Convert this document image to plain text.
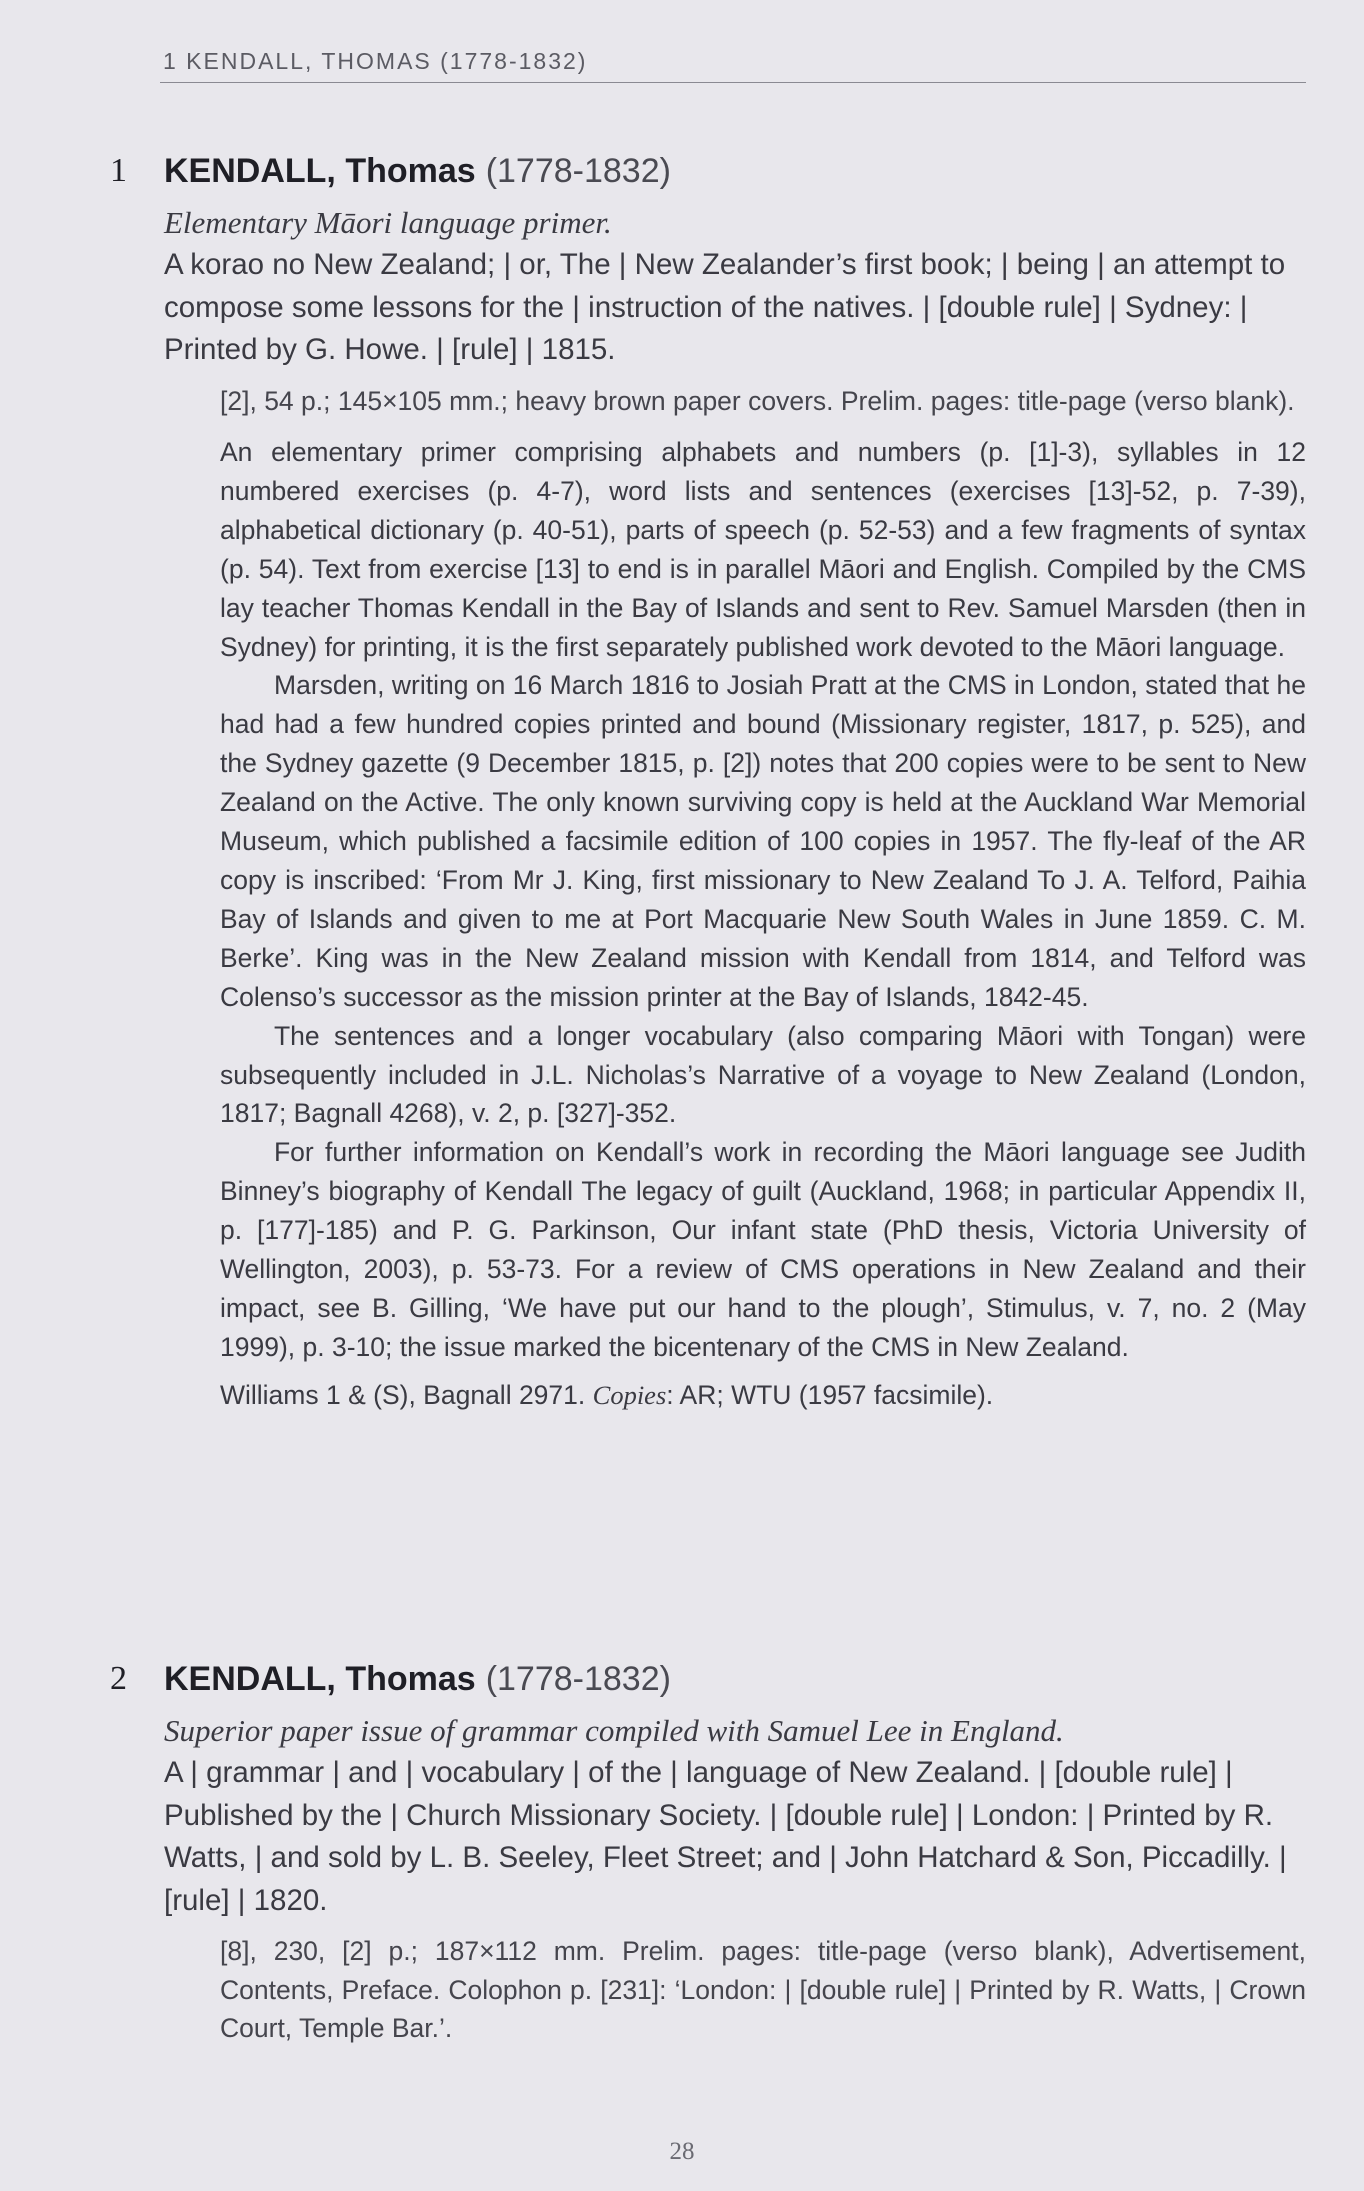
1 KENDALL, THOMAS (1778-1832)
1 KENDALL, Thomas (1778-1832)
Elementary Māori language primer.
A korao no New Zealand; | or, The | New Zealander’s first book; | being | an attempt to compose some lessons for the | instruction of the natives. | [double rule] | Sydney: | Printed by G. Howe. | [rule] | 1815.
[2], 54 p.; 145×105 mm.; heavy brown paper covers. Prelim. pages: title-page (verso blank).
An elementary primer comprising alphabets and numbers (p. [1]-3), syllables in 12 numbered exercises (p. 4-7), word lists and sentences (exercises [13]-52, p. 7-39), alphabetical dictionary (p. 40-51), parts of speech (p. 52-53) and a few fragments of syntax (p. 54). Text from exercise [13] to end is in parallel Māori and English. Compiled by the CMS lay teacher Thomas Kendall in the Bay of Islands and sent to Rev. Samuel Marsden (then in Sydney) for printing, it is the first separately published work devoted to the Māori language.
Marsden, writing on 16 March 1816 to Josiah Pratt at the CMS in London, stated that he had had a few hundred copies printed and bound (Missionary register, 1817, p. 525), and the Sydney gazette (9 December 1815, p. [2]) notes that 200 copies were to be sent to New Zealand on the Active. The only known surviving copy is held at the Auckland War Memorial Museum, which published a facsimile edition of 100 copies in 1957. The fly-leaf of the AR copy is inscribed: ‘From Mr J. King, first missionary to New Zealand To J. A. Telford, Paihia Bay of Islands and given to me at Port Macquarie New South Wales in June 1859. C. M. Berke’. King was in the New Zealand mission with Kendall from 1814, and Telford was Colenso’s successor as the mission printer at the Bay of Islands, 1842-45.
The sentences and a longer vocabulary (also comparing Māori with Tongan) were subsequently included in J.L. Nicholas’s Narrative of a voyage to New Zealand (London, 1817; Bagnall 4268), v. 2, p. [327]-352.
For further information on Kendall’s work in recording the Māori language see Judith Binney’s biography of Kendall The legacy of guilt (Auckland, 1968; in particular Appendix II, p. [177]-185) and P. G. Parkinson, Our infant state (PhD thesis, Victoria University of Wellington, 2003), p. 53-73. For a review of CMS operations in New Zealand and their impact, see B. Gilling, ‘We have put our hand to the plough’, Stimulus, v. 7, no. 2 (May 1999), p. 3-10; the issue marked the bicentenary of the CMS in New Zealand.
Williams 1 & (S), Bagnall 2971. Copies: AR; WTU (1957 facsimile).
2 KENDALL, Thomas (1778-1832)
Superior paper issue of grammar compiled with Samuel Lee in England.
A | grammar | and | vocabulary | of the | language of New Zealand. | [double rule] | Published by the | Church Missionary Society. | [double rule] | London: | Printed by R. Watts, | and sold by L. B. Seeley, Fleet Street; and | John Hatchard & Son, Piccadilly. | [rule] | 1820.
[8], 230, [2] p.; 187×112 mm. Prelim. pages: title-page (verso blank), Advertisement, Contents, Preface. Colophon p. [231]: ‘London: | [double rule] | Printed by R. Watts, | Crown Court, Temple Bar.’.
28
